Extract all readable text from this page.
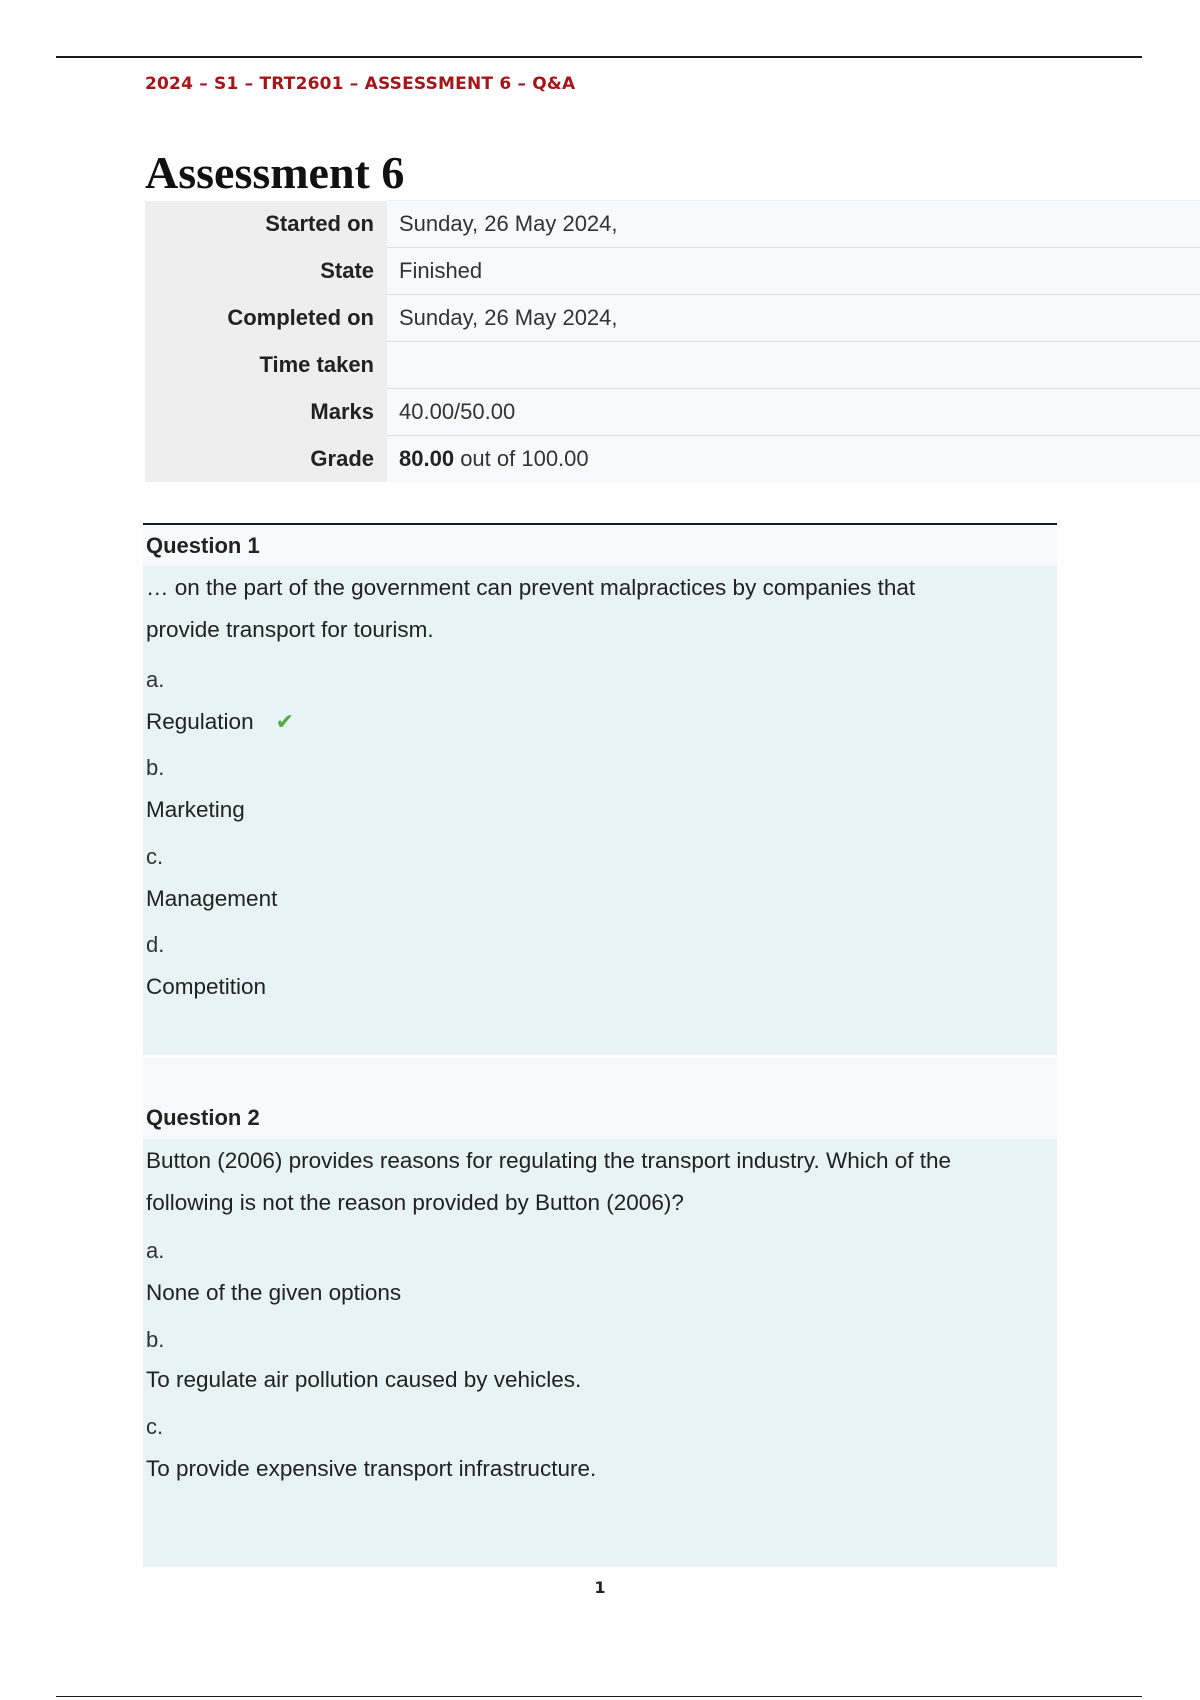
2024 – S1 – TRT2601 – ASSESSMENT 6 – Q&A
Assessment 6
Started on	Sunday, 26 May 2024,
State	Finished
Completed on	Sunday, 26 May 2024,
Time taken	
Marks	40.00/50.00
Grade	80.00 out of 100.00
Question 1
… on the part of the government can prevent malpractices by companies that
provide transport for tourism.
a.
Regulation ✔
b.
Marketing
c.
Management
d.
Competition
Question 2
Button (2006) provides reasons for regulating the transport industry. Which of the
following is not the reason provided by Button (2006)?
a.
None of the given options
b.
To regulate air pollution caused by vehicles.
c.
To provide expensive transport infrastructure.
1
